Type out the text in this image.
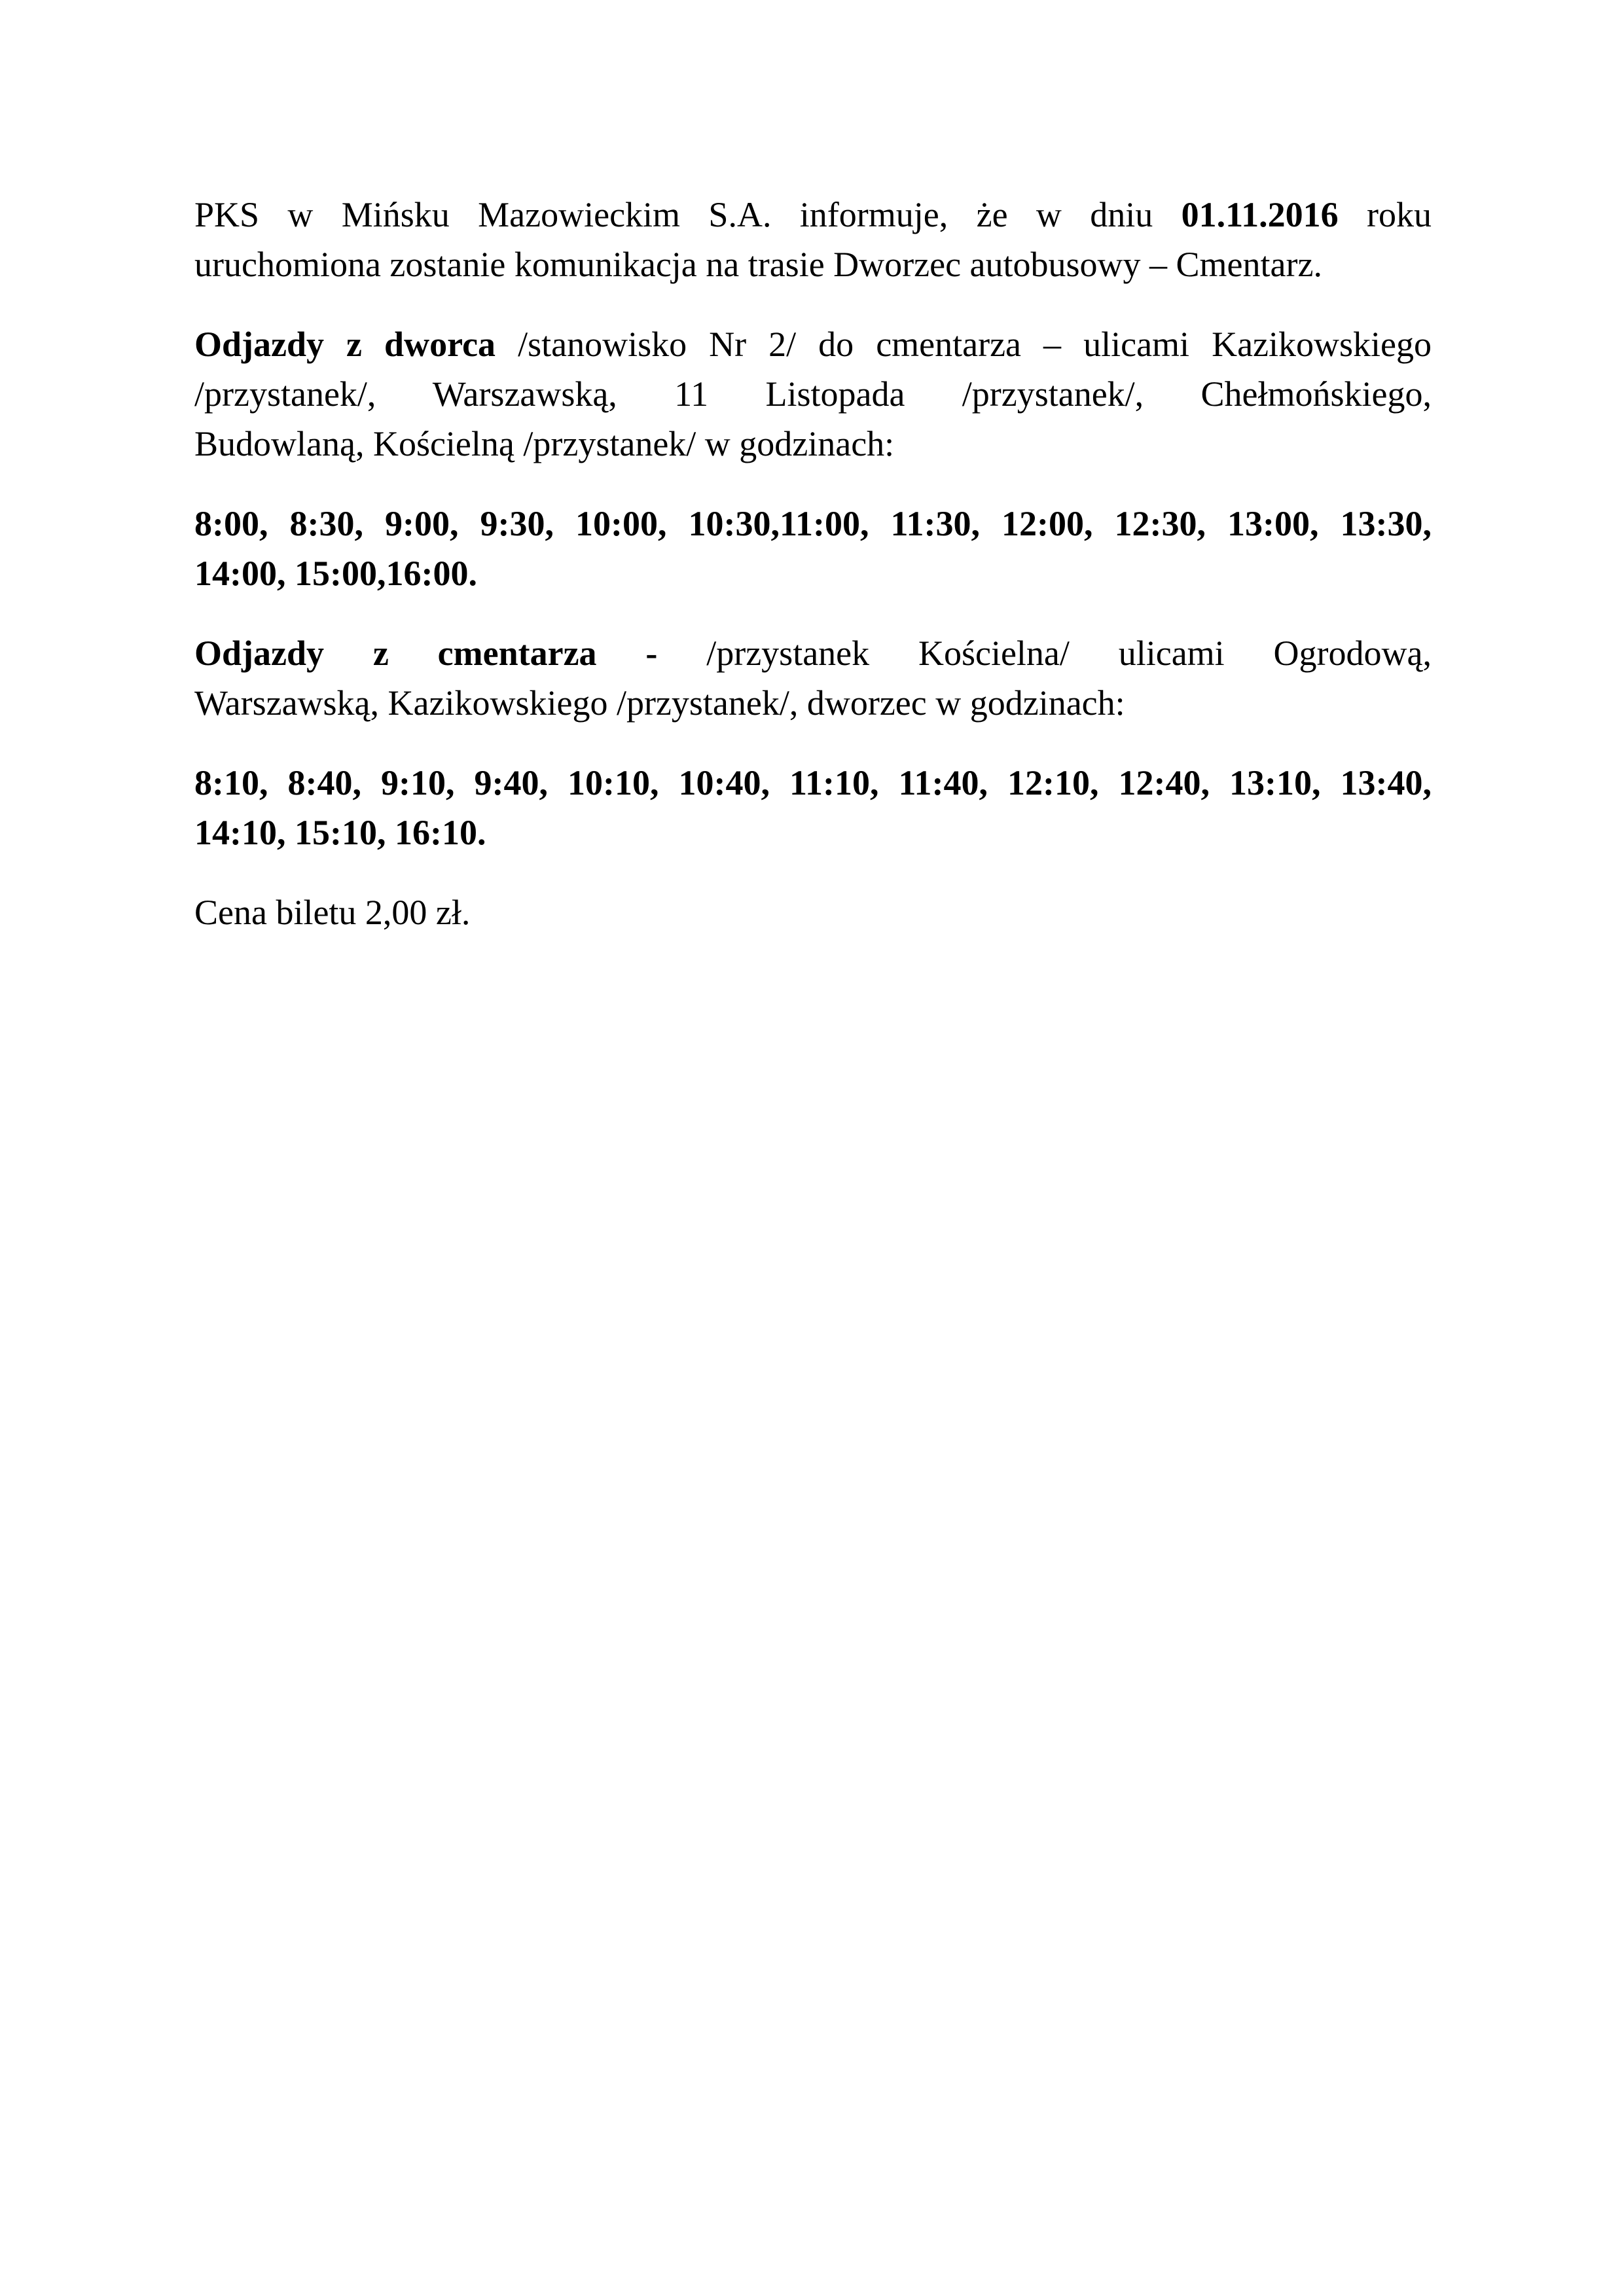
PKS w Mińsku Mazowieckim S.A. informuje, że w dniu 01.11.2016 roku
uruchomiona zostanie komunikacja na trasie Dworzec autobusowy – Cmentarz.

Odjazdy z dworca /stanowisko Nr 2/ do cmentarza – ulicami Kazikowskiego
/przystanek/, Warszawską, 11 Listopada /przystanek/, Chełmońskiego,
Budowlaną, Kościelną /przystanek/ w godzinach:

8:00, 8:30, 9:00, 9:30, 10:00, 10:30,11:00, 11:30, 12:00, 12:30, 13:00, 13:30,
14:00, 15:00,16:00.

Odjazdy z cmentarza - /przystanek Kościelna/ ulicami Ogrodową,
Warszawską, Kazikowskiego /przystanek/, dworzec w godzinach:

8:10, 8:40, 9:10, 9:40, 10:10, 10:40, 11:10, 11:40, 12:10, 12:40, 13:10, 13:40,
14:10, 15:10, 16:10.

Cena biletu 2,00 zł.
